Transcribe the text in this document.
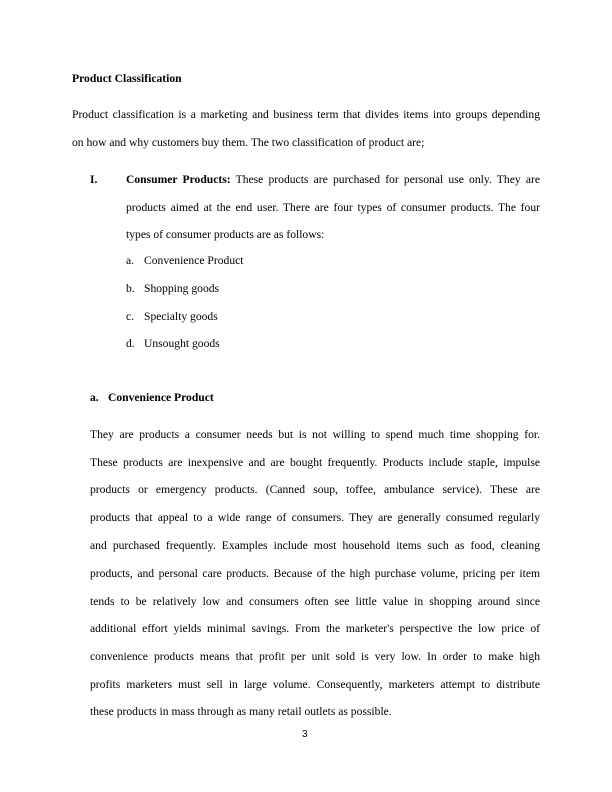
Product Classification
Product classification is a marketing and business term that divides items into groups depending
on how and why customers buy them. The two classification of product are;
I. Consumer Products: These products are purchased for personal use only. They are
products aimed at the end user. There are four types of consumer products. The four
types of consumer products are as follows:
a. Convenience Product
b. Shopping goods
c. Specialty goods
d. Unsought goods
a. Convenience Product
They are products a consumer needs but is not willing to spend much time shopping for.
These products are inexpensive and are bought frequently. Products include staple, impulse
products or emergency products. (Canned soup, toffee, ambulance service). These are
products that appeal to a wide range of consumers. They are generally consumed regularly
and purchased frequently. Examples include most household items such as food, cleaning
products, and personal care products. Because of the high purchase volume, pricing per item
tends to be relatively low and consumers often see little value in shopping around since
additional effort yields minimal savings. From the marketer's perspective the low price of
convenience products means that profit per unit sold is very low. In order to make high
profits marketers must sell in large volume. Consequently, marketers attempt to distribute
these products in mass through as many retail outlets as possible.
3
